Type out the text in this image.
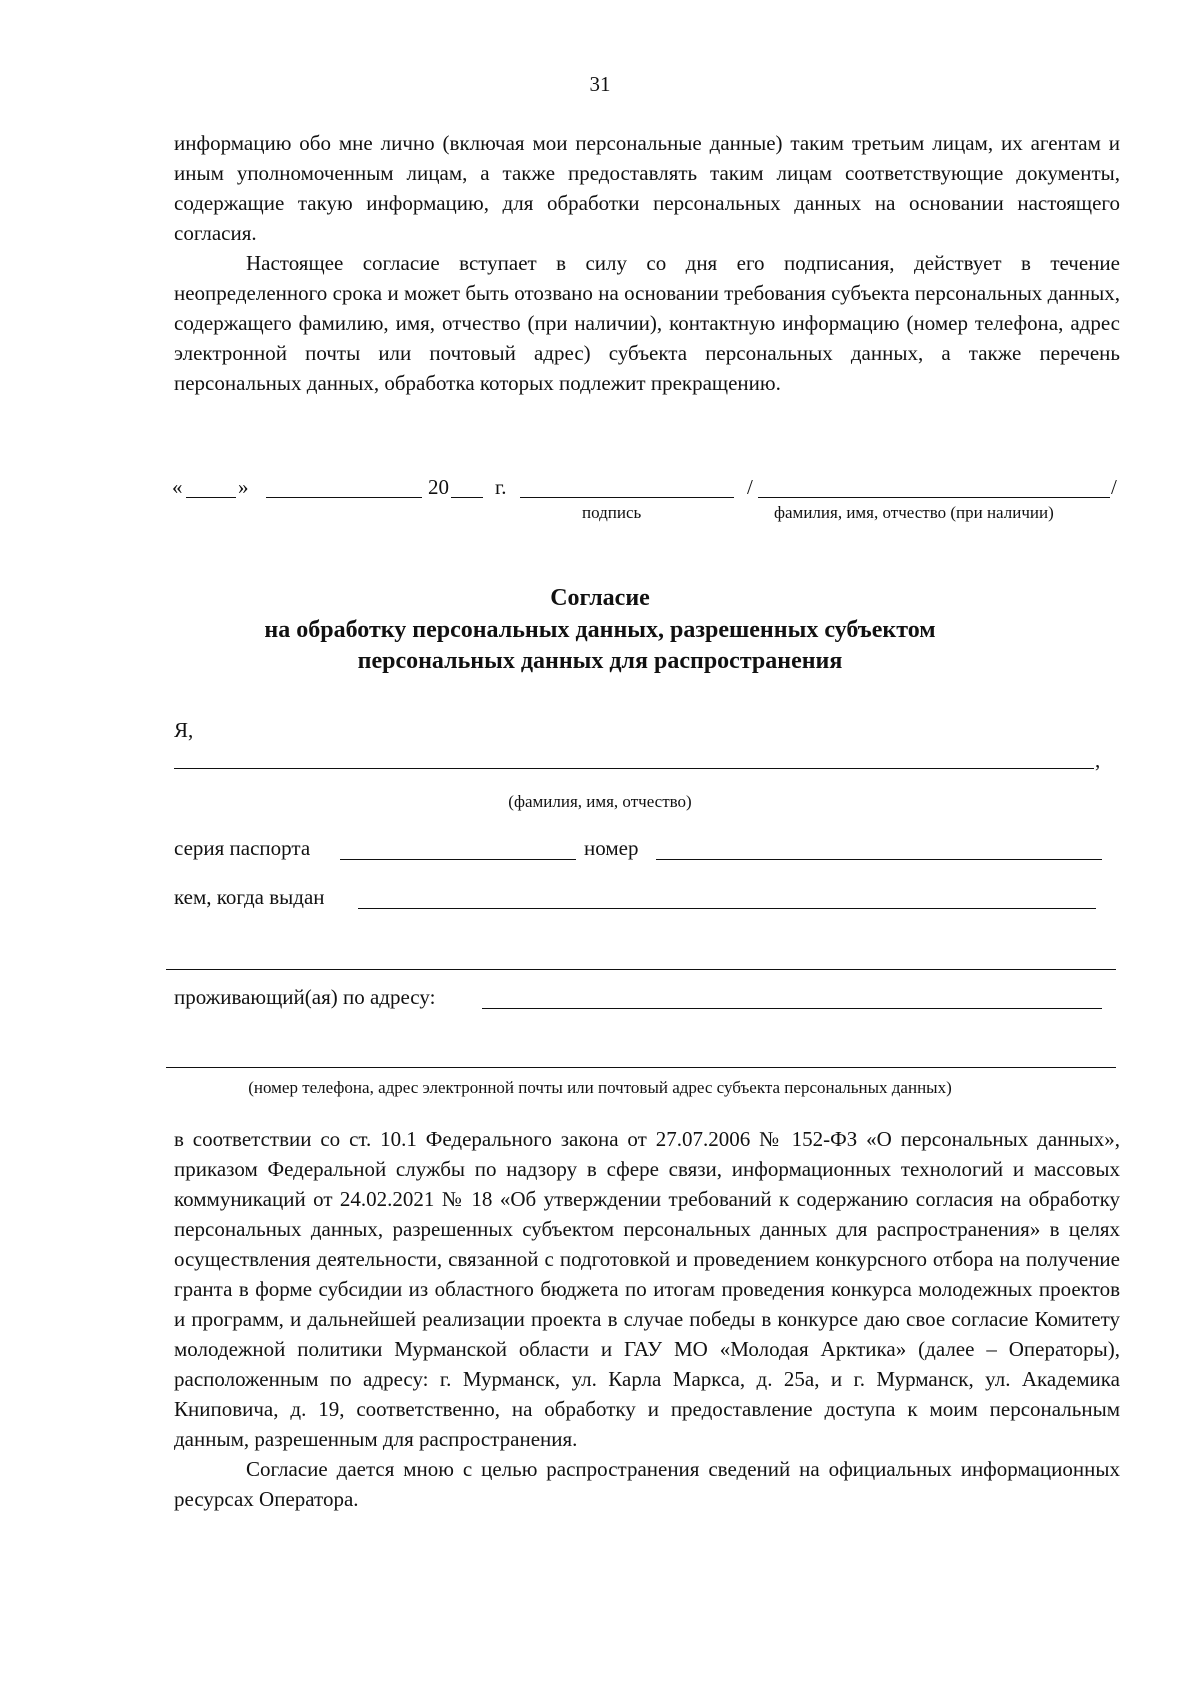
31

информацию обо мне лично (включая мои персональные данные) таким третьим лицам, их агентам и иным уполномоченным лицам, а также предоставлять таким лицам соответствующие документы, содержащие такую информацию, для обработки персональных данных на основании настоящего согласия.

Настоящее согласие вступает в силу со дня его подписания, действует в течение неопределенного срока и может быть отозвано на основании требования субъекта персональных данных, содержащего фамилию, имя, отчество (при наличии), контактную информацию (номер телефона, адрес электронной почты или почтовый адрес) субъекта персональных данных, а также перечень персональных данных, обработка которых подлежит прекращению.

«	»	20 г.	/	/
подпись	фамилия, имя, отчество (при наличии)
Согласие
на обработку персональных данных, разрешенных субъектом
персональных данных для распространения
Я,
,
(фамилия, имя, отчество)
серия паспорта	номер
кем, когда выдан
проживающий(ая) по адресу:
(номер телефона, адрес электронной почты или почтовый адрес субъекта персональных данных)

в соответствии со ст. 10.1 Федерального закона от 27.07.2006 № 152-ФЗ «О персональных данных», приказом Федеральной службы по надзору в сфере связи, информационных технологий и массовых коммуникаций от 24.02.2021 № 18 «Об утверждении требований к содержанию согласия на обработку персональных данных, разрешенных субъектом персональных данных для распространения» в целях осуществления деятельности, связанной с подготовкой и проведением конкурсного отбора на получение гранта в форме субсидии из областного бюджета по итогам проведения конкурса молодежных проектов и программ, и дальнейшей реализации проекта в случае победы в конкурсе даю свое согласие Комитету молодежной политики Мурманской области и ГАУ МО «Молодая Арктика» (далее – Операторы), расположенным по адресу: г. Мурманск, ул. Карла Маркса, д. 25а, и г. Мурманск, ул. Академика Книповича, д. 19, соответственно, на обработку и предоставление доступа к моим персональным данным, разрешенным для распространения.

Согласие дается мною с целью распространения сведений на официальных информационных ресурсах Оператора.
